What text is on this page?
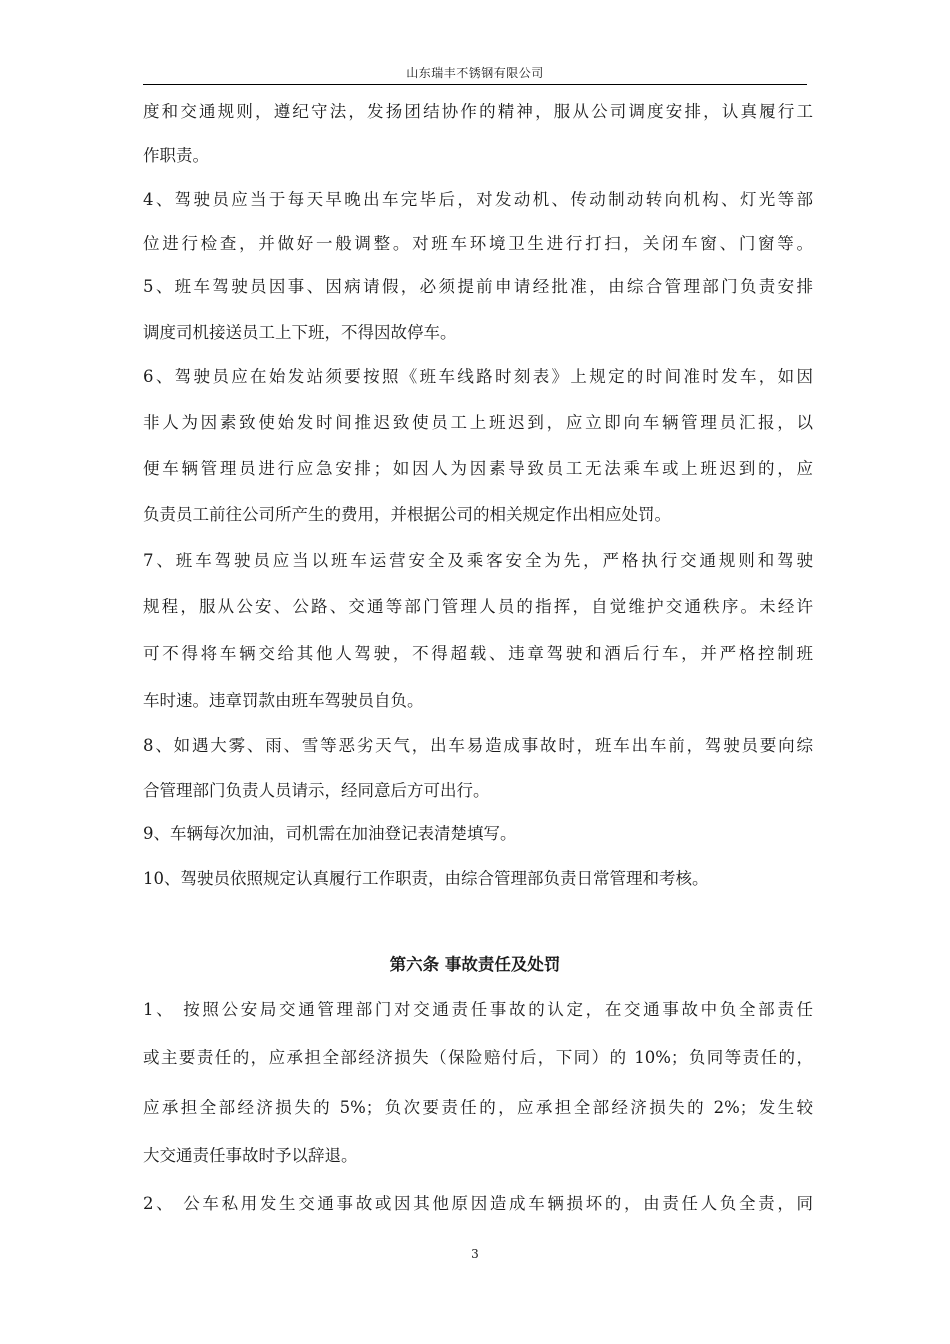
山东瑞丰不锈钢有限公司
度和交通规则，遵纪守法，发扬团结协作的精神，服从公司调度安排，认真履行工
作职责。
4、驾驶员应当于每天早晚出车完毕后，对发动机、传动制动转向机构、灯光等部
位进行检查，并做好一般调整。对班车环境卫生进行打扫，关闭车窗、门窗等。
5、班车驾驶员因事、因病请假，必须提前申请经批准，由综合管理部门负责安排
调度司机接送员工上下班，不得因故停车。
6、驾驶员应在始发站须要按照《班车线路时刻表》上规定的时间准时发车，如因
非人为因素致使始发时间推迟致使员工上班迟到，应立即向车辆管理员汇报，以
便车辆管理员进行应急安排；如因人为因素导致员工无法乘车或上班迟到的，应
负责员工前往公司所产生的费用，并根据公司的相关规定作出相应处罚。
7、班车驾驶员应当以班车运营安全及乘客安全为先，严格执行交通规则和驾驶
规程，服从公安、公路、交通等部门管理人员的指挥，自觉维护交通秩序。未经许
可不得将车辆交给其他人驾驶，不得超载、违章驾驶和酒后行车，并严格控制班
车时速。违章罚款由班车驾驶员自负。
8、如遇大雾、雨、雪等恶劣天气，出车易造成事故时，班车出车前，驾驶员要向综
合管理部门负责人员请示，经同意后方可出行。
9、车辆每次加油，司机需在加油登记表清楚填写。
10、驾驶员依照规定认真履行工作职责，由综合管理部负责日常管理和考核。
第六条 事故责任及处罚
1、 按照公安局交通管理部门对交通责任事故的认定，在交通事故中负全部责任
或主要责任的，应承担全部经济损失（保险赔付后，下同）的 10%；负同等责任的，
应承担全部经济损失的 5%；负次要责任的，应承担全部经济损失的 2%；发生较
大交通责任事故时予以辞退。
2、 公车私用发生交通事故或因其他原因造成车辆损坏的，由责任人负全责，同
3
